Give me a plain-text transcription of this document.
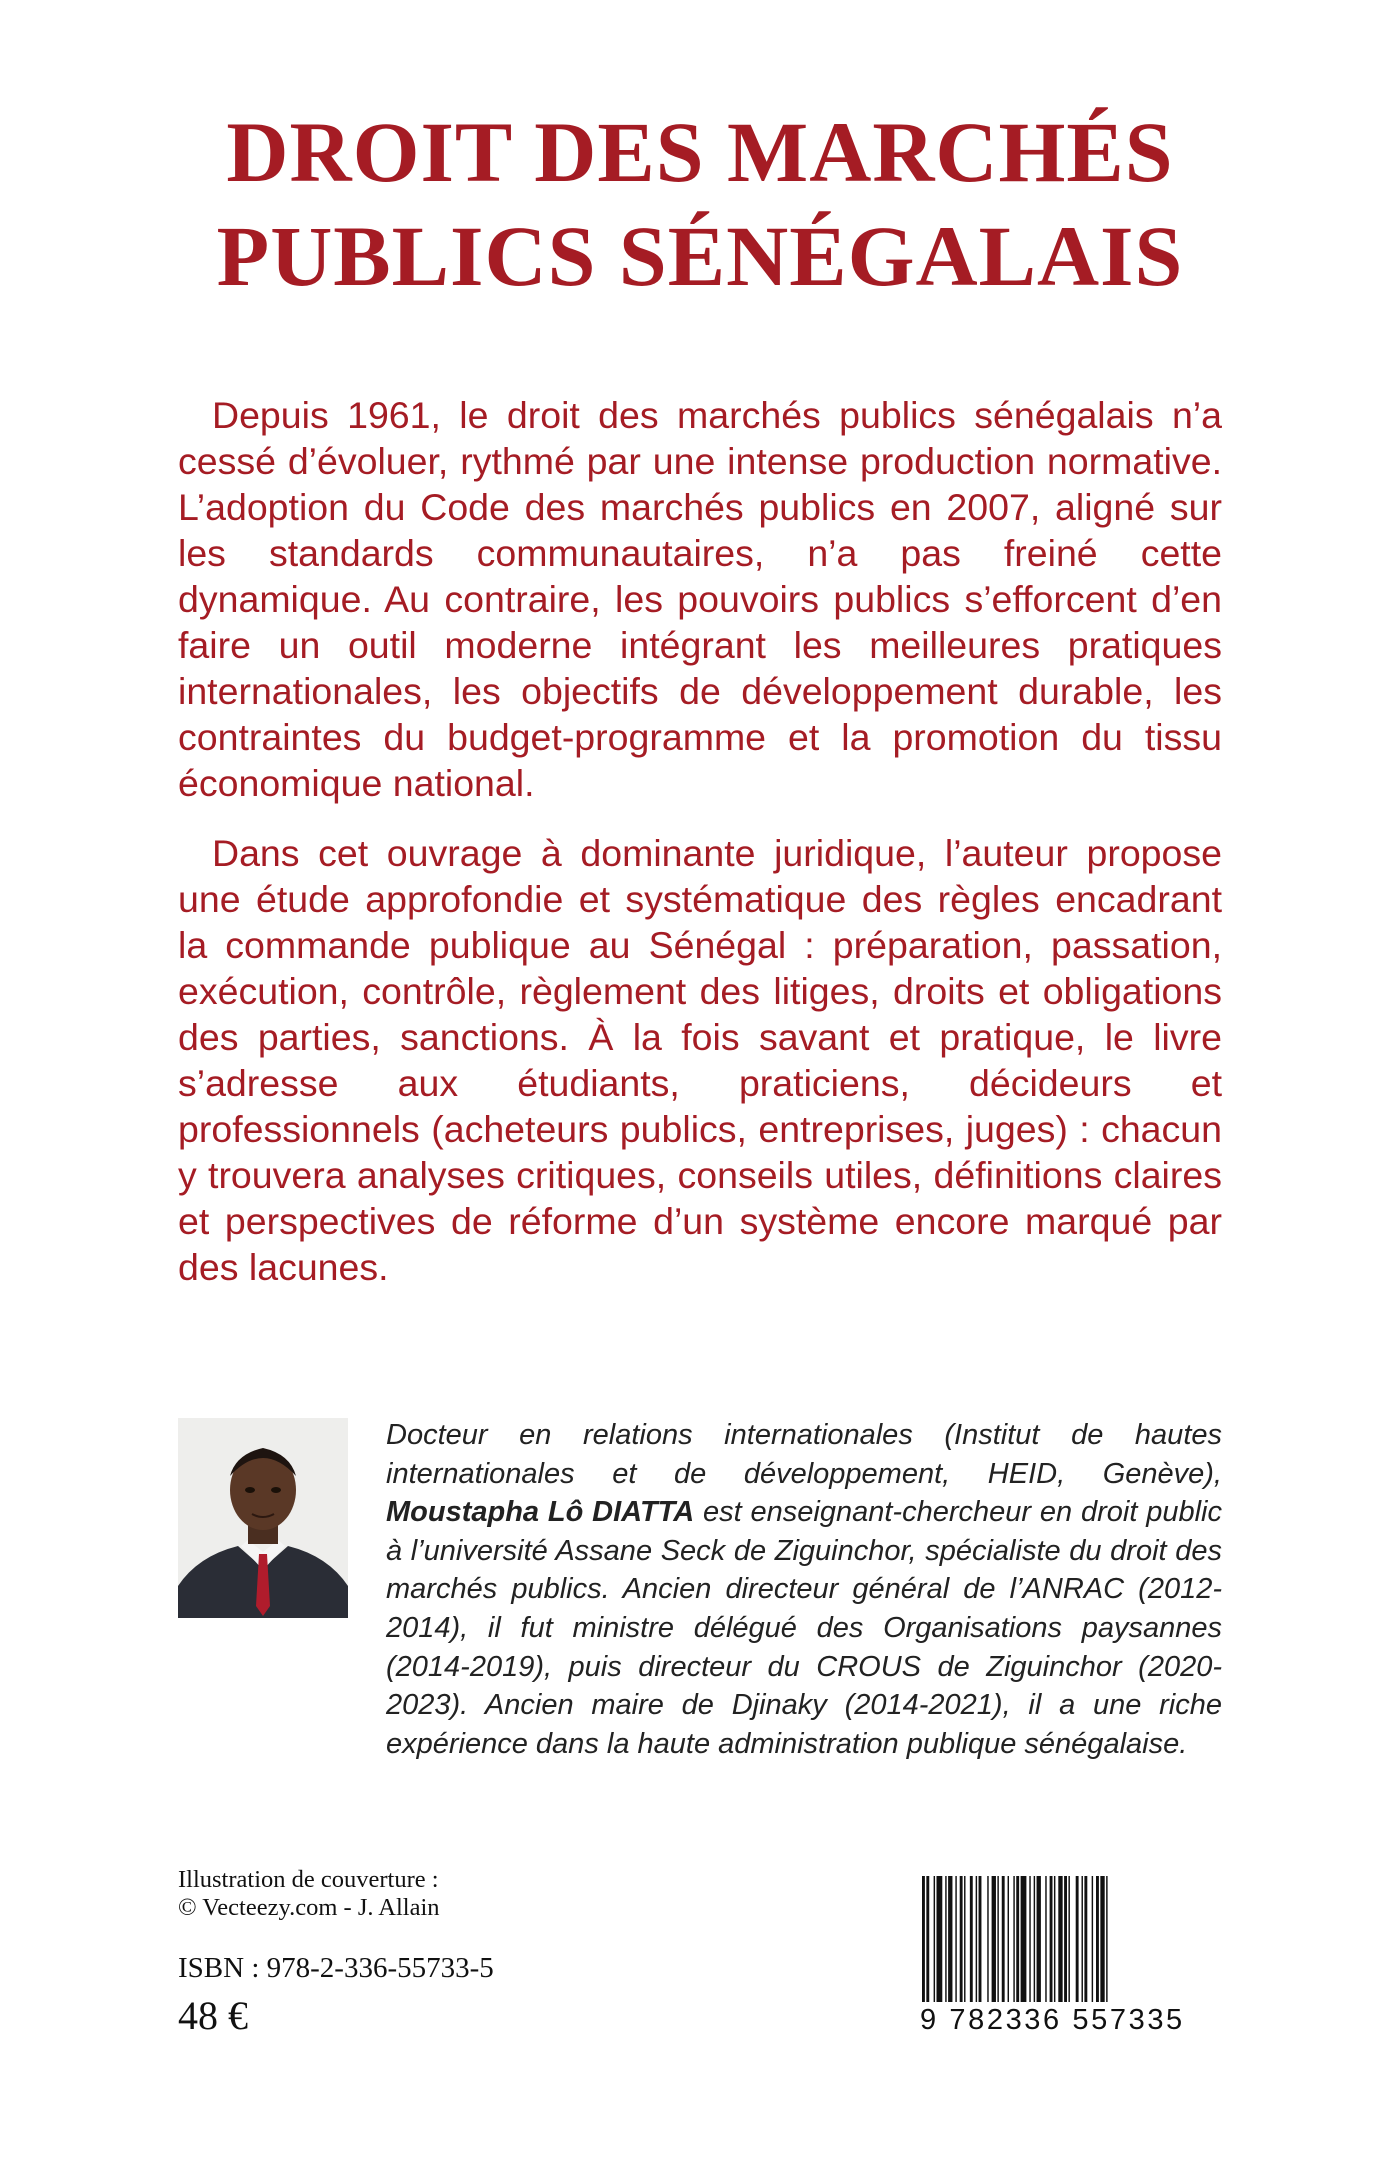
DROIT DES MARCHÉS
PUBLICS SÉNÉGALAIS

Depuis 1961, le droit des marchés publics sénégalais n’a cessé d’évoluer, rythmé par une intense production normative. L’adoption du Code des marchés publics en 2007, aligné sur les standards communautaires, n’a pas freiné cette dynamique. Au contraire, les pouvoirs publics s’efforcent d’en faire un outil moderne intégrant les meilleures pratiques internationales, les objectifs de développement durable, les contraintes du budget-programme et la promotion du tissu économique national.

Dans cet ouvrage à dominante juridique, l’auteur propose une étude approfondie et systématique des règles encadrant la commande publique au Sénégal : préparation, passation, exécution, contrôle, règlement des litiges, droits et obligations des parties, sanctions. À la fois savant et pratique, le livre s’adresse aux étudiants, praticiens, décideurs et professionnels (acheteurs publics, entreprises, juges) : chacun y trouvera analyses critiques, conseils utiles, définitions claires et perspectives de réforme d’un système encore marqué par des lacunes.

Docteur en relations internationales (Institut de hautes internationales et de développement, HEID, Genève), Moustapha Lô DIATTA est enseignant-chercheur en droit public à l’université Assane Seck de Ziguinchor, spécialiste du droit des marchés publics. Ancien directeur général de l’ANRAC (2012-2014), il fut ministre délégué des Organisations paysannes (2014-2019), puis directeur du CROUS de Ziguinchor (2020-2023). Ancien maire de Djinaky (2014-2021), il a une riche expérience dans la haute administration publique sénégalaise.
Illustration de couverture :
© Vecteezy.com - J. Allain
ISBN : 978-2-336-55733-5
48 €	9 782336 557335
